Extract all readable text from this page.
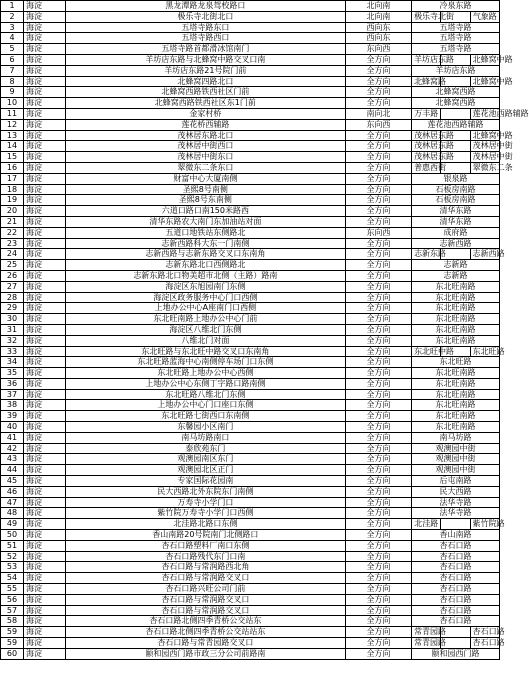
1	海淀	黑龙潭路龙泉驾校路口	北向南	冷泉东路		
2	海淀	极乐寺北街北口	北向南	极乐寺北街		气象路
3	海淀	五塔寺路东口	西向东	五塔寺路		
4	海淀	五塔寺路西口	西向东	五塔寺路		
5	海淀	五塔寺路首都滑冰馆南门	东向西	五塔寺路		
6	海淀	羊坊店东路与北蜂窝中路交叉口南	全方向	羊坊店东路		北蜂窝中路
7	海淀	羊坊店东路21号院门前	全方向	羊坊店东路		
8	海淀	北蜂窝四路北口	全方向	北蜂窝路		北蜂窝中路
9	海淀	北蜂窝西路铁西社区门前	全方向	北蜂窝西路		
10	海淀	北蜂窝西路铁西社区东1门前	全方向	北蜂窝西路		
11	海淀	金家村桥	南向北	万丰路		莲花池西路辅路
12	海淀	莲花桥西辅路	东向西	莲花池西路辅路		
13	海淀	茂林居东路北口	全方向	茂林居东路		北蜂窝中路
14	海淀	茂林居中街西口	全方向	茂林居东路		茂林居中街
15	海淀	茂林居中街东口	全方向	茂林居东路		茂林居中街
16	海淀	翠微东二条东口	全方向	普惠西街		翠微东二条
17	海淀	财富中心大厦南侧	全方向	银泉路		
18	海淀	圣熙8号南侧	全方向	石板房南路		
19	海淀	圣熙8号东南侧	全方向	石板房南路		
20	海淀	六道口路口南150米路西	全方向	清华东路		
21	海淀	清华东路农大南门东加油站对面	全方向	清华东路		
22	海淀	五道口地铁站东侧路北	东向西	成府路		
23	海淀	志新西路科大东一门南侧	全方向	志新西路		
24	海淀	志新西路与志新东路交叉口东南角	全方向	志新东路		志新西路
25	海淀	志新东路北口西侧路北	全方向	志新路		
26	海淀	志新东路北口物美超市北侧（主路）路南	全方向	志新路		
27	海淀	海淀区东旭园南门东侧	全方向	东北旺南路		
28	海淀	海淀区政务服务中心门口西侧	全方向	东北旺南路		
29	海淀	上地办公中心A座南门口西侧	全方向	东北旺南路		
30	海淀	东北旺南路上地办公中心门前	全方向	东北旺南路		
31	海淀	海淀区八维北门东侧	全方向	东北旺南路		
32	海淀	八维北门对面	全方向	东北旺南路		
33	海淀	东北旺路与东北旺中路交叉口东南角	全方向	东北旺中路		东北旺路
34	海淀	东北旺路蓝海中心南侧停车场门口东侧	全方向	东北旺路		
35	海淀	东北旺路上地办公中心西侧	全方向	东北旺南路		
36	海淀	上地办公中心东侧丁字路口路南侧	全方向	东北旺南路		
37	海淀	东北旺路八维北门东侧	全方向	东北旺南路		
38	海淀	上地办公中心门口座口东侧	全方向	东北旺南路		
39	海淀	东北旺路七街西口东南侧	全方向	东北旺南路		
40	海淀	东馨园小区南门	全方向	东北旺南路		
41	海淀	南马坊路南口	全方向	南马坊路		
42	海淀	泰欣苑东门	全方向	观澳园中街		
43	海淀	观澳园南区东门	全方向	观澳园中街		
44	海淀	观澳园北区正门	全方向	观澳园中街		
45	海淀	专家国际花园南	全方向	后屯南路		
46	海淀	民大西路北外东院东门南侧	全方向	民大西路		
47	海淀	万寿寺小学门口	全方向	法华寺路		
48	海淀	紫竹院万寿寺小学门口西侧	全方向	法华寺路		
49	海淀	北洼路北路口东侧	全方向	北洼路		紫竹院路
50	海淀	香山南路20号院南门北侧路口	全方向	香山南路		
51	海淀	杏石口路塑料厂南口东侧	全方向	杏石口路		
52	海淀	杏石口路残代东门口南	全方向	杏石口路		
53	海淀	杏石口路与常润路西北角	全方向	杏石口路		
54	海淀	杏石口路与常润路交叉口	全方向	杏石口路		
55	海淀	杏石口路兴旺公司门前	全方向	杏石口路		
56	海淀	杏石口路与常润路交叉口	全方向	杏石口路		
57	海淀	杏石口路与常润路交叉口	全方向	杏石口路		
58	海淀	杏石口路北侧四季青桥公交站东	全方向	杏石口路		
59	海淀	杏石口路北侧四季青桥公交站站东	全方向	常青园路		杏石口路
59	海淀	杏石口路与常青园路交叉口	全方向	常青园路		杏石口路
60	海淀	颐和园西门路市政三分公司前路南	全方向	颐和园西门路		
